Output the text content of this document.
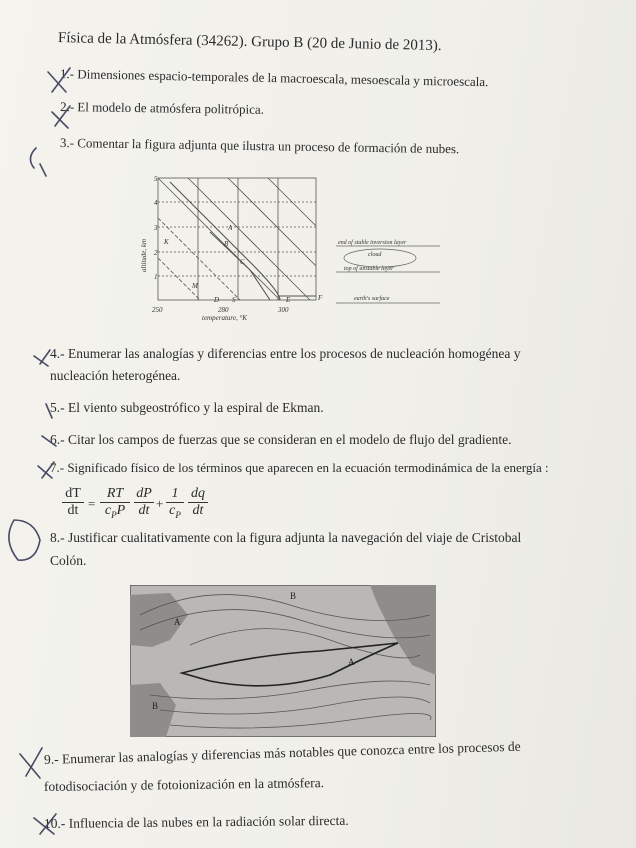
Física de la Atmósfera (34262). Grupo B (20 de Junio de 2013).
1.- Dimensiones espacio-temporales de la macroescala, mesoescala y microescala.
2.- El modelo de atmósfera politrópica.
3.- Comentar la figura adjunta que ilustra un proceso de formación de nubes.
5
4
3
2
1
250	280	300
temperature, °K
altitude, km
A
B
C
D	E	F
K
M
S
end of stable inversion layer
cloud
top of unstable layer
earth's surface
4.- Enumerar las analogías y diferencias entre los procesos de nucleación homogénea y
nucleación heterogénea.
5.- El viento subgeostrófico y la espiral de Ekman.
6.- Citar los campos de fuerzas que se consideran en el modelo de flujo del gradiente.
7.- Significado físico de los términos que aparecen en la ecuación termodinámica de la energía :
$\frac{dT}{dt}$ =
RT
$c_PP \frac{dP}{dt} + \frac{1}{c_P} \frac{dq}{dt}$
8.- Justificar cualitativamente con la figura adjunta la navegación del viaje de Cristobal
Colón.
A
B
B
A
9.- Enumerar las analogías y diferencias más notables que conozca entre los procesos de
fotodisociación y de fotoionización en la atmósfera.
10.- Influencia de las nubes en la radiación solar directa.
